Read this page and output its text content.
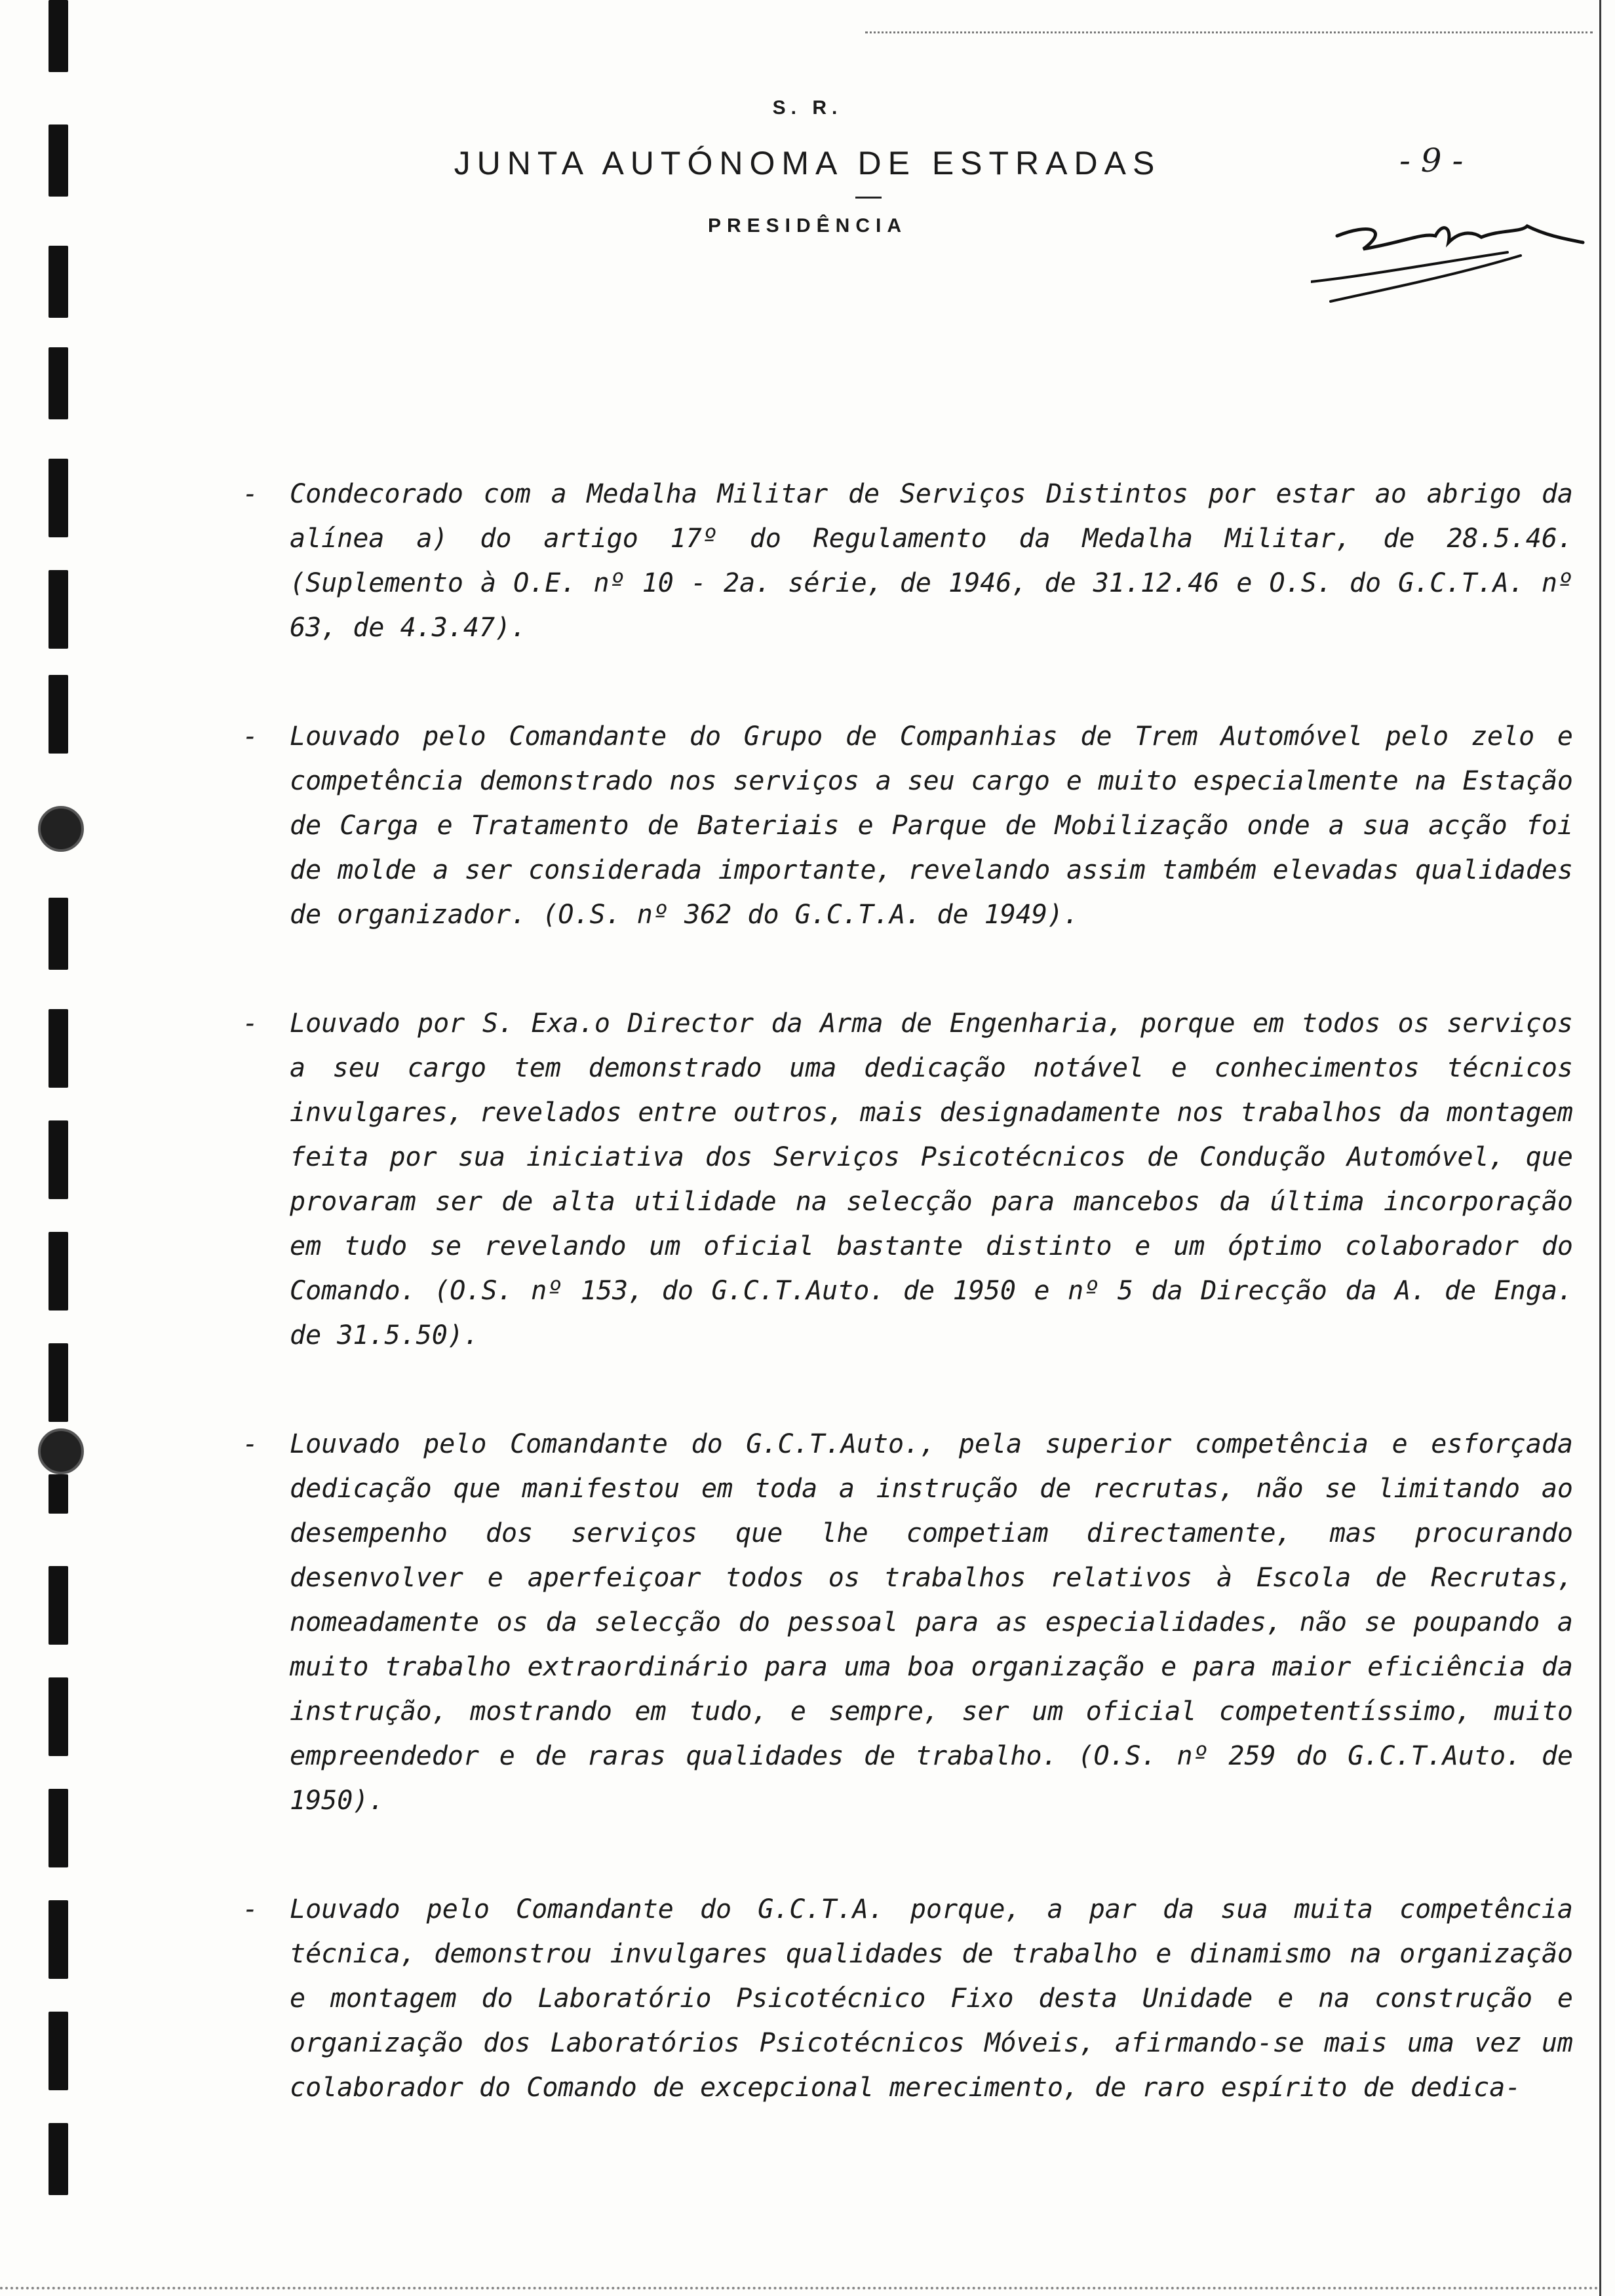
S. R.
JUNTA AUTÓNOMA DE ESTRADAS
PRESIDÊNCIA
- 9 -
- Condecorado com a Medalha Militar de Serviços Distintos por estar ao abrigo da alínea a) do artigo 17º do Regulamento da Medalha Militar, de 28.5.46. (Suplemento à O.E. nº 10 - 2a. série, de 1946, de 31.12.46 e O.S. do G.C.T.A. nº 63, de 4.3.47).

- Louvado pelo Comandante do Grupo de Companhias de Trem Automóvel pelo zelo e competência demonstrado nos serviços a seu cargo e muito especialmente na Estação de Carga e Tratamento de Bateriais e Parque de Mobilização onde a sua acção foi de molde a ser considerada importante, revelando assim também elevadas qualidades de organizador. (O.S. nº 362 do G.C.T.A. de 1949).

- Louvado por S. Exa.o Director da Arma de Engenharia, porque em todos os serviços a seu cargo tem demonstrado uma dedicação notável e conhecimentos técnicos invulgares, revelados entre outros, mais designadamente nos trabalhos da montagem feita por sua iniciativa dos Serviços Psicotécnicos de Condução Automóvel, que provaram ser de alta utilidade na selecção para mancebos da última incorporação em tudo se revelando um oficial bastante distinto e um óptimo colaborador do Comando. (O.S. nº 153, do G.C.T.Auto. de 1950 e nº 5 da Direcção da A. de Enga. de 31.5.50).

- Louvado pelo Comandante do G.C.T.Auto., pela superior competência e esforçada dedicação que manifestou em toda a instrução de recrutas, não se limitando ao desempenho dos serviços que lhe competiam directamente, mas procurando desenvolver e aperfeiçoar todos os trabalhos relativos à Escola de Recrutas, nomeadamente os da selecção do pessoal para as especialidades, não se poupando a muito trabalho extraordinário para uma boa organização e para maior eficiência da instrução, mostrando em tudo, e sempre, ser um oficial competentíssimo, muito empreendedor e de raras qualidades de trabalho. (O.S. nº 259 do G.C.T.Auto. de 1950).

- Louvado pelo Comandante do G.C.T.A. porque, a par da sua muita competência técnica, demonstrou invulgares qualidades de trabalho e dinamismo na organização e montagem do Laboratório Psicotécnico Fixo desta Unidade e na construção e organização dos Laboratórios Psicotécnicos Móveis, afirmando-se mais uma vez um colaborador do Comando de excepcional merecimento, de raro espírito de dedica-
